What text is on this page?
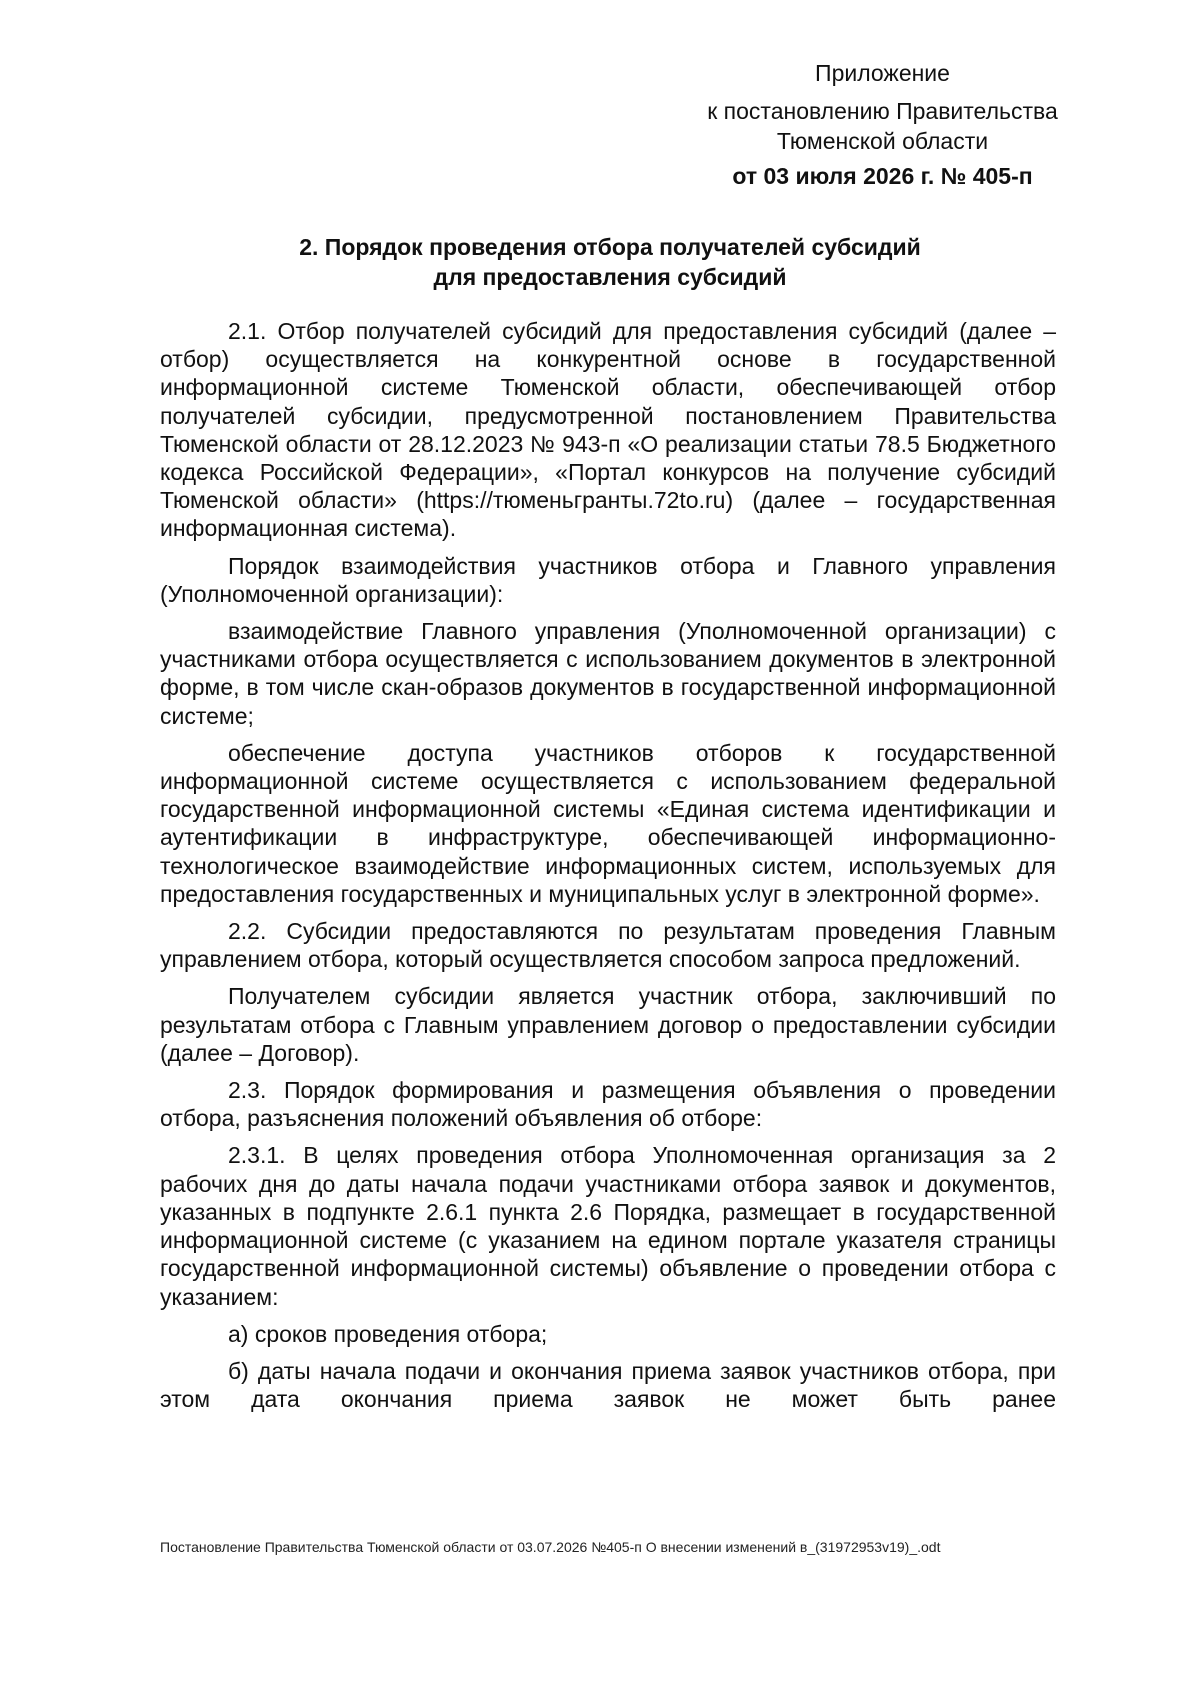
Приложение
к постановлению Правительства
Тюменской области
от 03 июля 2026 г. № 405-п
2. Порядок проведения отбора получателей субсидий
для предоставления субсидий

2.1. Отбор получателей субсидий для предоставления субсидий (далее – отбор) осуществляется на конкурентной основе в государственной информационной системе Тюменской области, обеспечивающей отбор получателей субсидии, предусмотренной постановлением Правительства Тюменской области от 28.12.2023 № 943-п «О реализации статьи 78.5 Бюджетного кодекса Российской Федерации», «Портал конкурсов на получение субсидий Тюменской области» (https://тюменьгранты.72to.ru) (далее – государственная информационная система).

Порядок взаимодействия участников отбора и Главного управления (Уполномоченной организации):

взаимодействие Главного управления (Уполномоченной организации) с участниками отбора осуществляется с использованием документов в электронной форме, в том числе скан-образов документов в государственной информационной системе;

обеспечение доступа участников отборов к государственной информационной системе осуществляется с использованием федеральной государственной информационной системы «Единая система идентификации и аутентификации в инфраструктуре, обеспечивающей информационно-технологическое взаимодействие информационных систем, используемых для предоставления государственных и муниципальных услуг в электронной форме».

2.2. Субсидии предоставляются по результатам проведения Главным управлением отбора, который осуществляется способом запроса предложений.

Получателем субсидии является участник отбора, заключивший по результатам отбора с Главным управлением договор о предоставлении субсидии (далее – Договор).

2.3. Порядок формирования и размещения объявления о проведении отбора, разъяснения положений объявления об отборе:

2.3.1. В целях проведения отбора Уполномоченная организация за 2 рабочих дня до даты начала подачи участниками отбора заявок и документов, указанных в подпункте 2.6.1 пункта 2.6 Порядка, размещает в государственной информационной системе (с указанием на едином портале указателя страницы государственной информационной системы) объявление о проведении отбора с указанием:

а) сроков проведения отбора;

б) даты начала подачи и окончания приема заявок участников отбора, при этом дата окончания приема заявок не может быть ранее

Постановление Правительства Тюменской области от 03.07.2026 №405-п О внесении изменений в_(31972953v19)_.odt
